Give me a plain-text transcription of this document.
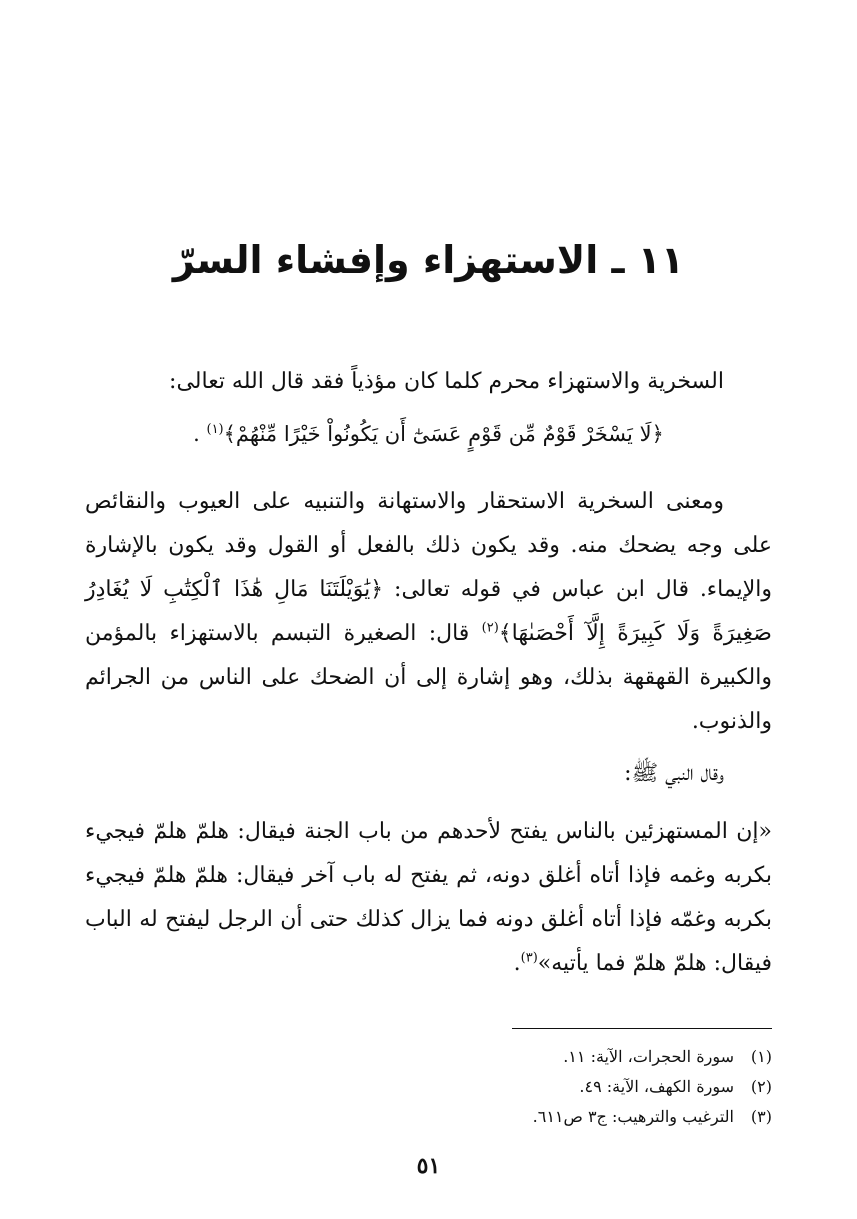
١١ ـ الاستهزاء وإفشاء السرّ

السخرية والاستهزاء محرم كلما كان مؤذياً فقد قال الله تعالى:

﴿لَا يَسْخَرْ قَوْمٌ مِّن قَوْمٍ عَسَىٰٓ أَن يَكُونُواْ خَيْرًا مِّنْهُمْ﴾$^{(١)}$ .

ومعنى السخرية الاستحقار والاستهانة والتنبيه على العيوب والنقائص على وجه يضحك منه. وقد يكون ذلك بالفعل أو القول وقد يكون بالإشارة والإيماء. قال ابن عباس في قوله تعالى: ﴿يَٰوَيْلَتَنَا مَالِ هَٰذَا ٱلْكِتَٰبِ لَا يُغَادِرُ صَغِيرَةً وَلَا كَبِيرَةً إِلَّآ أَحْصَىٰهَا﴾$^{(٢)}$ قال: الصغيرة التبسم بالاستهزاء بالمؤمن والكبيرة القهقهة بذلك، وهو إشارة إلى أن الضحك على الناس من الجرائم والذنوب.

وقال النبي ﷺ:

«إن المستهزئين بالناس يفتح لأحدهم من باب الجنة فيقال: هلمّ هلمّ فيجيء بكربه وغمه فإذا أتاه أغلق دونه، ثم يفتح له باب آخر فيقال: هلمّ هلمّ فيجيء بكربه وغمّه فإذا أتاه أغلق دونه فما يزال كذلك حتى أن الرجل ليفتح له الباب فيقال: هلمّ هلمّ فما يأتيه»$^{(٣)}$.

(١)سورة الحجرات، الآية: ١١.

(٢)سورة الكهف، الآية: ٤٩.

(٣)الترغيب والترهيب: ج٣ ص٦١١.

٥١
